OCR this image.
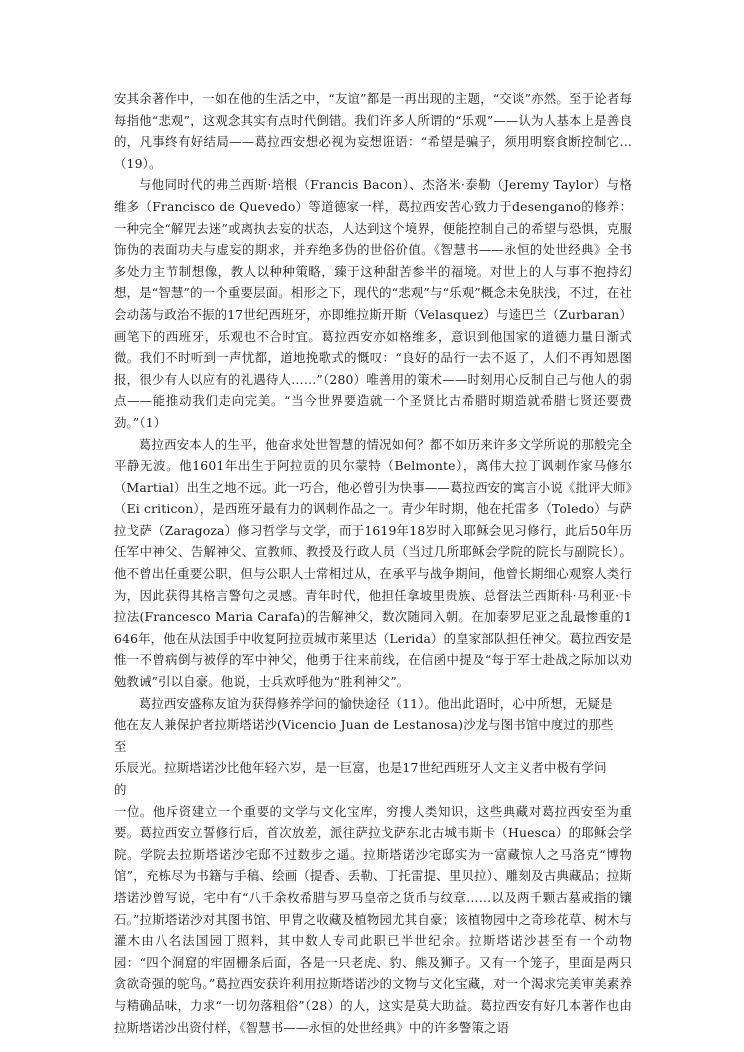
安其余著作中，一如在他的生活之中，“友谊”都是一再出现的主题，“交谈”亦然。至于论者每每指他“悲观”，这观念其实有点时代倒错。我们许多人所谓的“乐观”——认为人基本上是善良的，凡事终有好结局——葛拉西安想必视为妄想诳语：“希望是骗子，须用明察食断控制它…（19）。

与他同时代的弗兰西斯·培根（Francis Bacon）、杰洛米·泰勒（Jeremy Taylor）与格维多（Francisco de Quevedo）等道德家一样，葛拉西安苦心致力于desengano的修养：一种完全“解咒去迷”或离执去妄的状态，人达到这个境界，便能控制自己的希望与恐惧，克服饰伪的表面功夫与虚妄的期求，并弃绝多伪的世俗价值。《智慧书——永恒的处世经典》全书多处力主节制想像，教人以种种策略，臻于这种甜苦参半的福境。对世上的人与事不抱持幻想，是“智慧”的一个重要层面。相形之下，现代的“悲观”与“乐观”概念未免肤浅，不过，在社会动荡与政治不振的17世纪西班牙，亦即维拉斯开斯（Velasquez）与逵巴兰（Zurbaran）画笔下的西班牙，乐观也不合时宜。葛拉西安亦如格维多，意识到他国家的道德力量日渐式微。我们不时听到一声忧都，道地挽歌式的慨叹：“良好的品行一去不返了，人们不再知恩图报，很少有人以应有的礼遇待人……”（280）唯善用的策术——时刻用心反制自己与他人的弱点——能推动我们走向完美。“当今世界要造就一个圣贤比古希腊时期造就希腊七贤还要费劲。”（1）

葛拉西安本人的生平，他奋求处世智慧的情况如何？都不如历来许多文学所说的那般完全平静无波。他1601年出生于阿拉贡的贝尔蒙特（Belmonte），离伟大拉丁讽刺作家马修尔（Martial）出生之地不远。此一巧合，他必曾引为快事——葛拉西安的寓言小说《批评大师》（Ei criticon），是西班牙最有力的讽刺作品之一。青少年时期，他在托雷多（Toledo）与萨拉戈萨（Zaragoza）修习哲学与文学，而于1619年18岁时入耶稣会见习修行，此后50年历任军中神父、告解神父、宣教师、教授及行政人员（当过几所耶稣会学院的院长与副院长）。他不曾出任重要公职，但与公职人士常相过从，在承平与战争期间，他曾长期细心观察人类行为，因此获得其格言警句之灵感。青年时代，他担任拿坡里贵族、总督法兰西斯科·马利亚·卡拉法(Francesco Maria Carafa)的告解神父，数次随同入朝。在加泰罗尼亚之乱最惨重的1646年，他在从法国手中收复阿拉贡城市莱里达（Lerida）的皇家部队担任神父。葛拉西安是惟一不曾病倒与被俘的军中神父，他勇于往来前线，在信函中提及“每于军士赴战之际加以劝勉教诫”引以自豪。他说，士兵欢呼他为“胜利神父”。

葛拉西安盛称友谊为获得修养学问的愉快途径（11）。他出此语时，心中所想，无疑是

他在友人兼保护者拉斯塔诺沙(Vicencio Juan de Lestanosa)沙龙与图书馆中度过的那些

至

乐辰光。拉斯塔诺沙比他年轻六岁，是一巨富，也是17世纪西班牙人文主义者中极有学问

的

一位。他斥资建立一个重要的文学与文化宝库，穷搜人类知识，这些典藏对葛拉西安至为重要。葛拉西安立誓修行后，首次放差，派往萨拉戈萨东北古城韦斯卡（Huesca）的耶稣会学院。学院去拉斯塔诺沙宅邸不过数步之遥。拉斯塔诺沙宅邸实为一富藏惊人之马洛克“博物馆”，充栋尽为书籍与手稿、绘画（提香、丢勒、丁托雷提、里贝拉）、雕刻及古典藏品；拉斯塔诺沙曾写说，宅中有“八千余枚希腊与罗马皇帝之货币与纹章……以及两千颗古墓戒指的镶石。”拉斯塔诺沙对其图书馆、甲胄之收藏及植物园尤其自豪；该植物园中之奇珍花草、树木与灌木由八名法国园丁照料，其中数人专司此职已半世纪余。拉斯塔诺沙甚至有一个动物园：“四个洞窟的牢固栅条后面，各是一只老虎、豹、熊及狮子。又有一个笼子，里面是两只贪欲奇强的鸵鸟。”葛拉西安获许利用拉斯塔诺沙的文物与文化宝藏，对一个渴求完美审美素养与精确品味，力求“一切勿落粗俗”（28）的人，这实是莫大助益。葛拉西安有好几本著作也由拉斯塔诺沙出资付样，《智慧书——永恒的处世经典》中的许多警策之语
